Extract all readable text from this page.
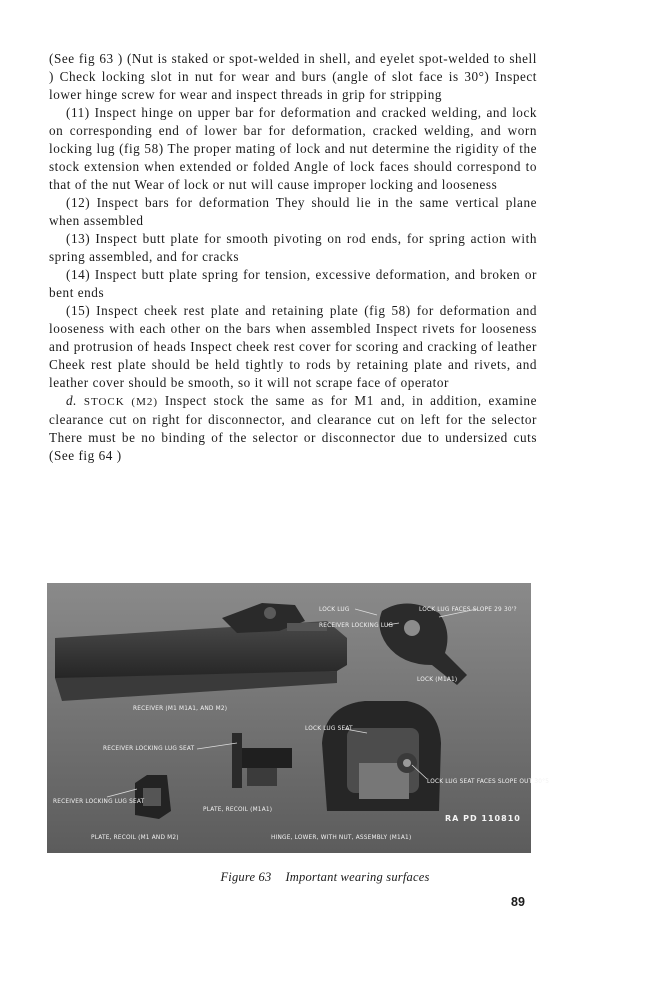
(See fig 63 ) (Nut is staked or spot-welded in shell, and eyelet spot-welded to shell ) Check locking slot in nut for wear and burs (angle of slot face is 30°) Inspect lower hinge screw for wear and inspect threads in grip for stripping

(11) Inspect hinge on upper bar for deformation and cracked welding, and lock on corresponding end of lower bar for deformation, cracked welding, and worn locking lug (fig 58) The proper mating of lock and nut determine the rigidity of the stock extension when extended or folded Angle of lock faces should correspond to that of the nut Wear of lock or nut will cause improper locking and looseness

(12) Inspect bars for deformation They should lie in the same vertical plane when assembled

(13) Inspect butt plate for smooth pivoting on rod ends, for spring action with spring assembled, and for cracks

(14) Inspect butt plate spring for tension, excessive deformation, and broken or bent ends

(15) Inspect cheek rest plate and retaining plate (fig 58) for deformation and looseness with each other on the bars when assembled Inspect rivets for looseness and protrusion of heads Inspect cheek rest cover for scoring and cracking of leather Cheek rest plate should be held tightly to rods by retaining plate and rivets, and leather cover should be smooth, so it will not scrape face of operator

d. STOCK (M2) Inspect stock the same as for M1 and, in addition, examine clearance cut on right for disconnector, and clearance cut on left for the selector There must be no binding of the selector or disconnector due to undersized cuts (See fig 64 )

LOCK LUG
RECEIVER LOCKING LUG
LOCK LUG FACES SLOPE 29 30'?
LOCK (M1A1)
RECEIVER (M1 M1A1, AND M2)
LOCK LUG SEAT
RECEIVER LOCKING LUG SEAT
RECEIVER LOCKING LUG SEAT
PLATE, RECOIL (M1A1)
LOCK LUG SEAT FACES SLOPE OUT 30°5
RA PD 110810
PLATE, RECOIL (M1 AND M2)	HINGE, LOWER, WITH NUT, ASSEMBLY (M1A1)
Figure 63 Important wearing surfaces
89
